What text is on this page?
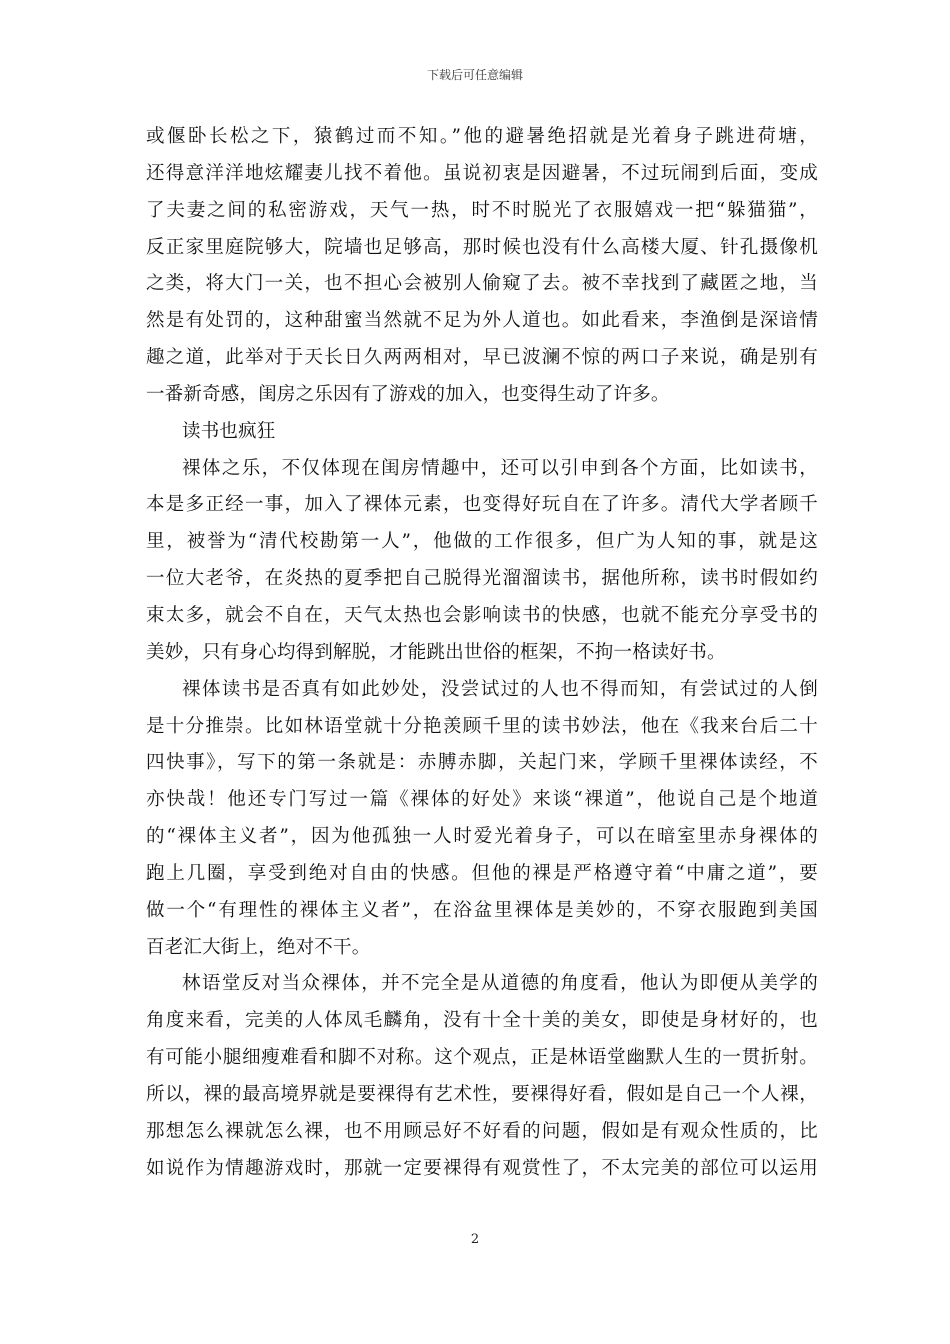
下载后可任意编辑
或偃卧长松之下，猿鹤过而不知。”他的避暑绝招就是光着身子跳进荷塘，
还得意洋洋地炫耀妻儿找不着他。虽说初衷是因避暑，不过玩闹到后面，变成
了夫妻之间的私密游戏，天气一热，时不时脱光了衣服嬉戏一把“躲猫猫”，
反正家里庭院够大，院墙也足够高，那时候也没有什么高楼大厦、针孔摄像机
之类，将大门一关，也不担心会被别人偷窥了去。被不幸找到了藏匿之地，当
然是有处罚的，这种甜蜜当然就不足为外人道也。如此看来，李渔倒是深谙情
趣之道，此举对于天长日久两两相对，早已波澜不惊的两口子来说，确是别有
一番新奇感，闺房之乐因有了游戏的加入，也变得生动了许多。
读书也疯狂
裸体之乐，不仅体现在闺房情趣中，还可以引申到各个方面，比如读书，
本是多正经一事，加入了裸体元素，也变得好玩自在了许多。清代大学者顾千
里，被誉为“清代校勘第一人”，他做的工作很多，但广为人知的事，就是这
一位大老爷，在炎热的夏季把自己脱得光溜溜读书，据他所称，读书时假如约
束太多，就会不自在，天气太热也会影响读书的快感，也就不能充分享受书的
美妙，只有身心均得到解脱，才能跳出世俗的框架，不拘一格读好书。
裸体读书是否真有如此妙处，没尝试过的人也不得而知，有尝试过的人倒
是十分推崇。比如林语堂就十分艳羡顾千里的读书妙法，他在《我来台后二十
四快事》，写下的第一条就是：赤膊赤脚，关起门来，学顾千里裸体读经，不
亦快哉！他还专门写过一篇《裸体的好处》来谈“裸道”，他说自己是个地道
的“裸体主义者”，因为他孤独一人时爱光着身子，可以在暗室里赤身裸体的
跑上几圈，享受到绝对自由的快感。但他的裸是严格遵守着“中庸之道”，要
做一个“有理性的裸体主义者”，在浴盆里裸体是美妙的，不穿衣服跑到美国
百老汇大街上，绝对不干。
林语堂反对当众裸体，并不完全是从道德的角度看，他认为即便从美学的
角度来看，完美的人体凤毛麟角，没有十全十美的美女，即使是身材好的，也
有可能小腿细瘦难看和脚不对称。这个观点，正是林语堂幽默人生的一贯折射。
所以，裸的最高境界就是要裸得有艺术性，要裸得好看，假如是自己一个人裸，
那想怎么裸就怎么裸，也不用顾忌好不好看的问题，假如是有观众性质的，比
如说作为情趣游戏时，那就一定要裸得有观赏性了，不太完美的部位可以运用
2
